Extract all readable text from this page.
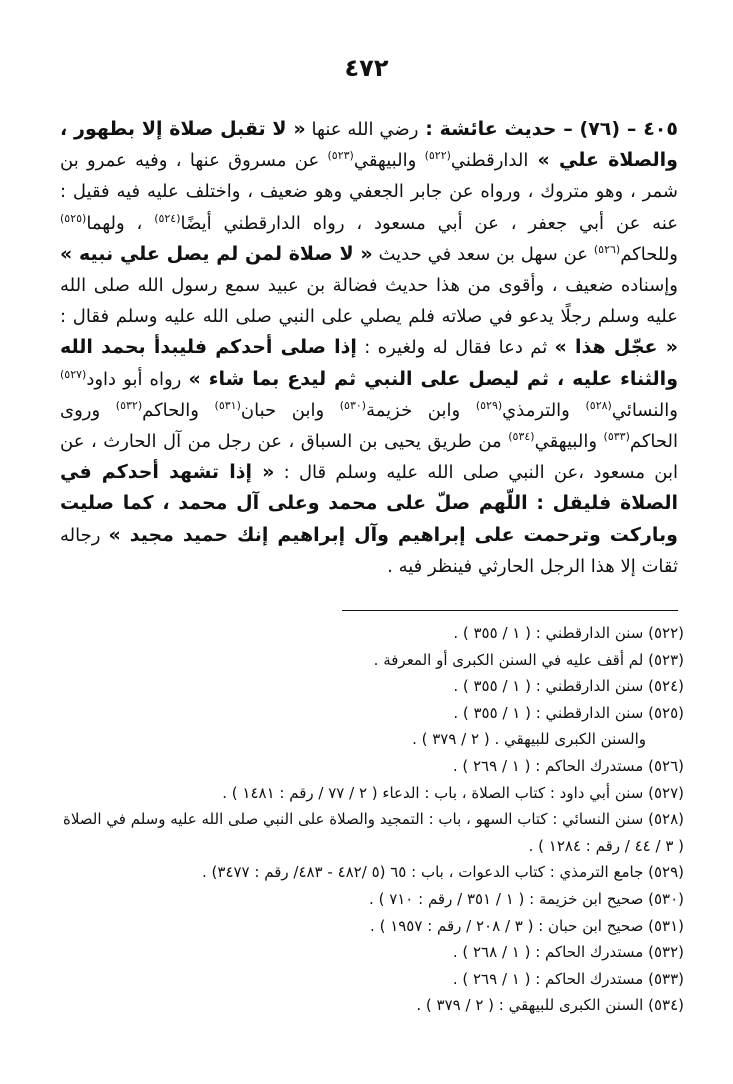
٤٧٢

٤٠٥ – (٧٦) – حديث عائشة : رضي الله عنها « لا تقبل صلاة إلا بطهور ، والصلاة علي » الدارقطني$^{(٥٢٢)}$ والبيهقي$^{(٥٢٣)}$ عن مسروق عنها ، وفيه عمرو بن شمر ، وهو متروك ، ورواه عن جابر الجعفي وهو ضعيف ، واختلف عليه فيه فقيل : عنه عن أبي جعفر ، عن أبي مسعود ، رواه الدارقطني أيضًا$^{(٥٢٤)}$ ، ولهما$^{(٥٢٥)}$ وللحاكم$^{(٥٢٦)}$ عن سهل بن سعد في حديث « لا صلاة لمن لم يصل علي نبيه » وإسناده ضعيف ، وأقوى من هذا حديث فضالة بن عبيد سمع رسول الله صلى الله عليه وسلم رجلًا يدعو في صلاته فلم يصلي على النبي صلى الله عليه وسلم فقال : « عجّل هذا » ثم دعا فقال له ولغيره : إذا صلى أحدكم فليبدأ بحمد الله والثناء عليه ، ثم ليصل على النبي ثم ليدع بما شاء » رواه أبو داود$^{(٥٢٧)}$ والنسائي$^{(٥٢٨)}$ والترمذي$^{(٥٢٩)}$ وابن خزيمة$^{(٥٣٠)}$ وابن حبان$^{(٥٣١)}$ والحاكم$^{(٥٣٢)}$ وروى الحاكم$^{(٥٣٣)}$ والبيهقي$^{(٥٣٤)}$ من طريق يحيى بن السباق ، عن رجل من آل الحارث ، عن ابن مسعود ،عن النبي صلى الله عليه وسلم قال : « إذا تشهد أحدكم في الصلاة فليقل : اللّهم صلّ على محمد وعلى آل محمد ، كما صليت وباركت وترحمت على إبراهيم وآل إبراهيم إنك حميد مجيد » رجاله ثقات إلا هذا الرجل الحارثي فينظر فيه .

(٥٢٢) سنن الدارقطني : ( ١ / ٣٥٥ ) .
(٥٢٣) لم أقف عليه في السنن الكبرى أو المعرفة .
(٥٢٤) سنن الدارقطني : ( ١ / ٣٥٥ ) .
(٥٢٥) سنن الدارقطني : ( ١ / ٣٥٥ ) .
والسنن الكبرى للبيهقي . ( ٢ / ٣٧٩ ) .
(٥٢٦) مستدرك الحاكم : ( ١ / ٢٦٩ ) .
(٥٢٧) سنن أبي داود : كتاب الصلاة ، باب : الدعاء ( ٢ / ٧٧ / رقم : ١٤٨١ ) .
(٥٢٨) سنن النسائي : كتاب السهو ، باب : التمجيد والصلاة على النبي صلى الله عليه وسلم في الصلاة ( ٣ / ٤٤ / رقم : ١٢٨٤ ) .
(٥٢٩) جامع الترمذي : كتاب الدعوات ، باب : ٦٥ (٥ /٤٨٢ - ٤٨٣/ رقم : ٣٤٧٧) .
(٥٣٠) صحيح ابن خزيمة : ( ١ / ٣٥١ / رقم : ٧١٠ ) .
(٥٣١) صحيح ابن حبان : ( ٣ / ٢٠٨ / رقم : ١٩٥٧ ) .
(٥٣٢) مستدرك الحاكم : ( ١ / ٢٦٨ ) .
(٥٣٣) مستدرك الحاكم : ( ١ / ٢٦٩ ) .
(٥٣٤) السنن الكبرى للبيهقي : ( ٢ / ٣٧٩ ) .
